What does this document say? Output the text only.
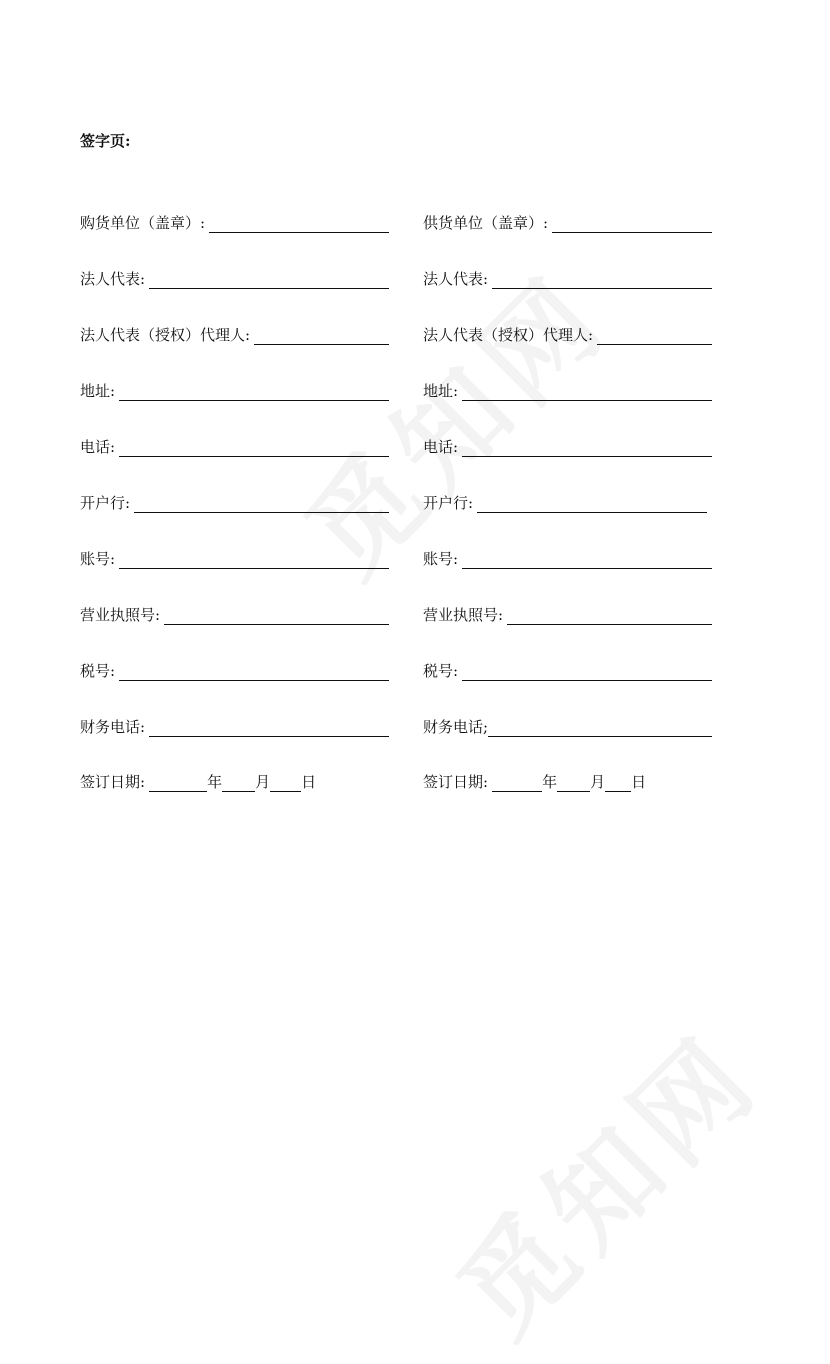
签字页:
购货单位（盖章）:
法人代表:
法人代表（授权）代理人:
地址:
电话:
开户行:
账号:
营业执照号:
税号:
财务电话:
签订日期:	年 月 日
供货单位（盖章）:
法人代表:
法人代表（授权）代理人:
地址:
电话:
开户行:
账号:
营业执照号:
税号:
财务电话;
签订日期:	年 月 日
